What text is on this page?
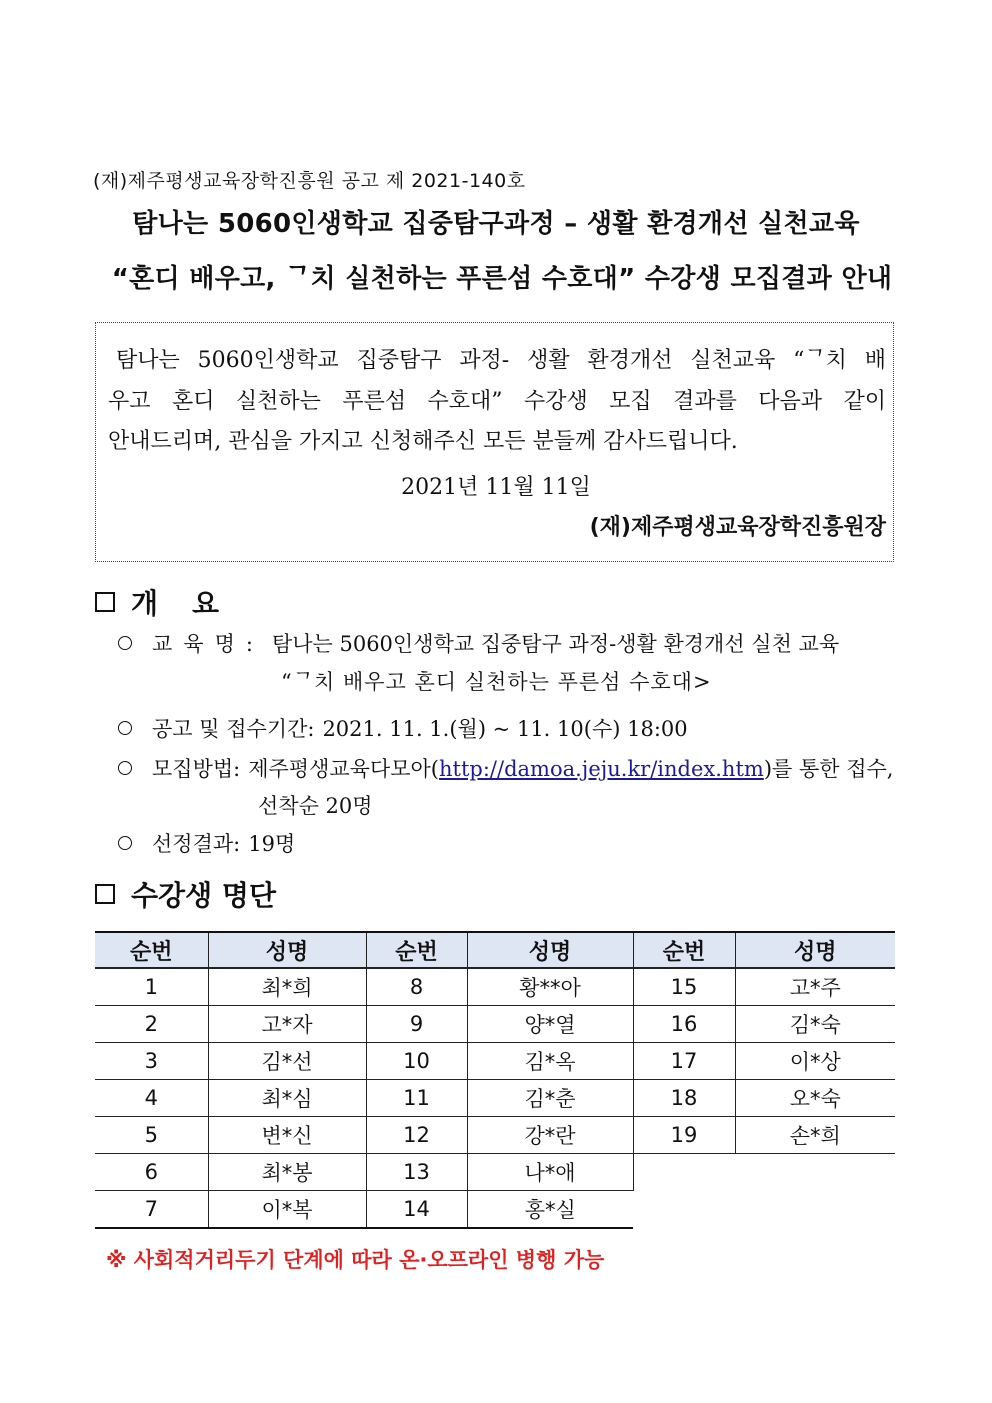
(재)제주평생교육장학진흥원 공고 제 2021-140호
탐나는 5060인생학교 집중탐구과정 – 생활 환경개선 실천교육
“혼디 배우고, ᄀ치 실천하는 푸른섬 수호대” 수강생 모집결과 안내
탐나는 5060인생학교 집중탐구 과정- 생활 환경개선 실천교육 “ᄀ치 배
우고 혼디 실천하는 푸른섬 수호대” 수강생 모집 결과를 다음과 같이
안내드리며, 관심을 가지고 신청해주신 모든 분들께 감사드립니다.
2021년 11월 11일
(재)제주평생교육장학진흥원장
개요
교육명: 탐나는 5060인생학교 집중탐구 과정-생활 환경개선 실천 교육
“ᄀ치 배우고 혼디 실천하는 푸른섬 수호대>
공고 및 접수기간: 2021. 11. 1.(월) ~ 11. 10(수) 18:00
모집방법: 제주평생교육다모아(http://damoa.jeju.kr/index.htm)를 통한 접수,
선착순 20명
선정결과: 19명
수강생 명단
순번	성명	순번	성명	순번	성명
1	최*희	8	황**아	15	고*주
2	고*자	9	양*열	16	김*숙
3	김*선	10	김*옥	17	이*상
4	최*심	11	김*춘	18	오*숙
5	변*신	12	강*란	19	손*희
6	최*봉	13	나*애		
7	이*복	14	홍*실		
※ 사회적거리두기 단계에 따라 온·오프라인 병행 가능
